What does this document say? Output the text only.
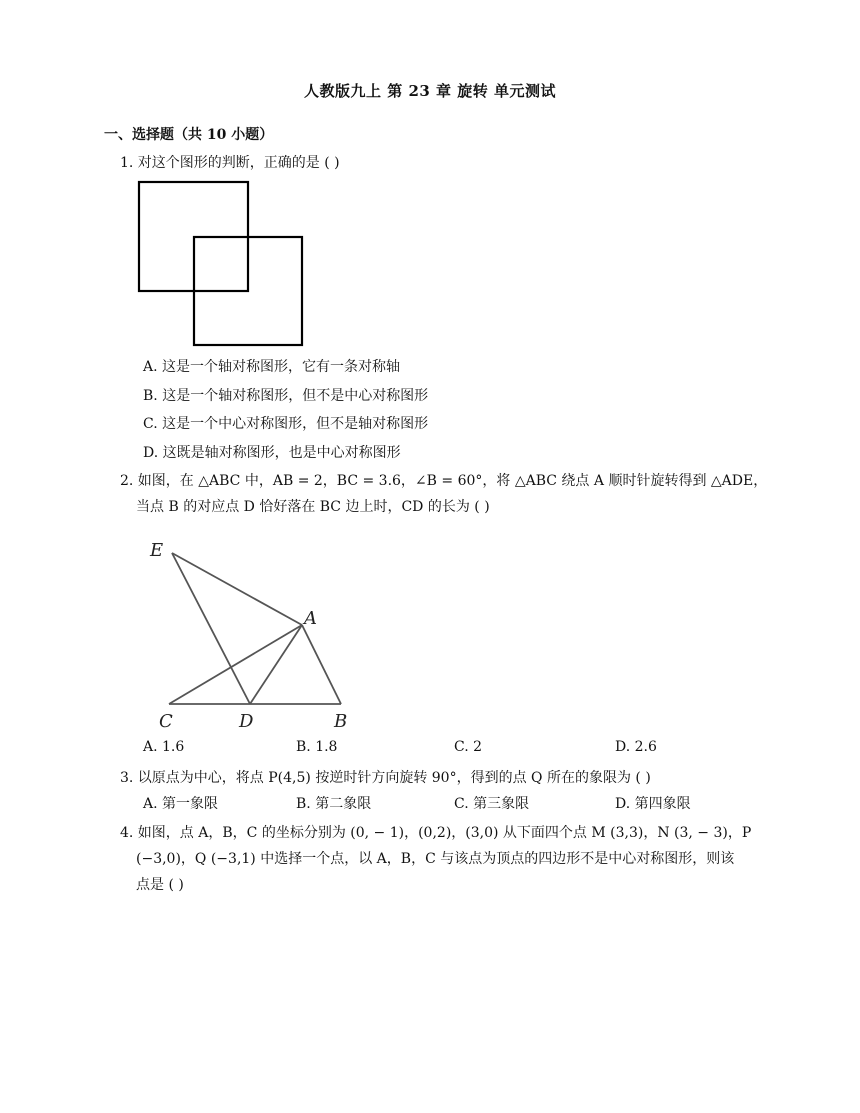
人教版九上 第 23 章 旋转 单元测试
一、选择题（共 10 小题）
1. 对这个图形的判断，正确的是 ( )
A. 这是一个轴对称图形，它有一条对称轴
B. 这是一个轴对称图形，但不是中心对称图形
C. 这是一个中心对称图形，但不是轴对称图形
D. 这既是轴对称图形，也是中心对称图形
2. 如图，在 △ABC 中，AB = 2，BC = 3.6，∠B = 60°，将 △ABC 绕点 A 顺时针旋转得到 △ADE，
当点 B 的对应点 D 恰好落在 BC 边上时，CD 的长为 ( )
E
A
C	D	B
A. 1.6	B. 1.8	C. 2	D. 2.6
3. 以原点为中心，将点 P(4,5) 按逆时针方向旋转 90°，得到的点 Q 所在的象限为 ( )
A. 第一象限	B. 第二象限	C. 第三象限	D. 第四象限
4. 如图，点 A，B，C 的坐标分别为 (0, − 1)，(0,2)，(3,0) 从下面四个点 M (3,3)，N (3, − 3)，P
(−3,0)，Q (−3,1) 中选择一个点，以 A，B，C 与该点为顶点的四边形不是中心对称图形，则该
点是 ( )
